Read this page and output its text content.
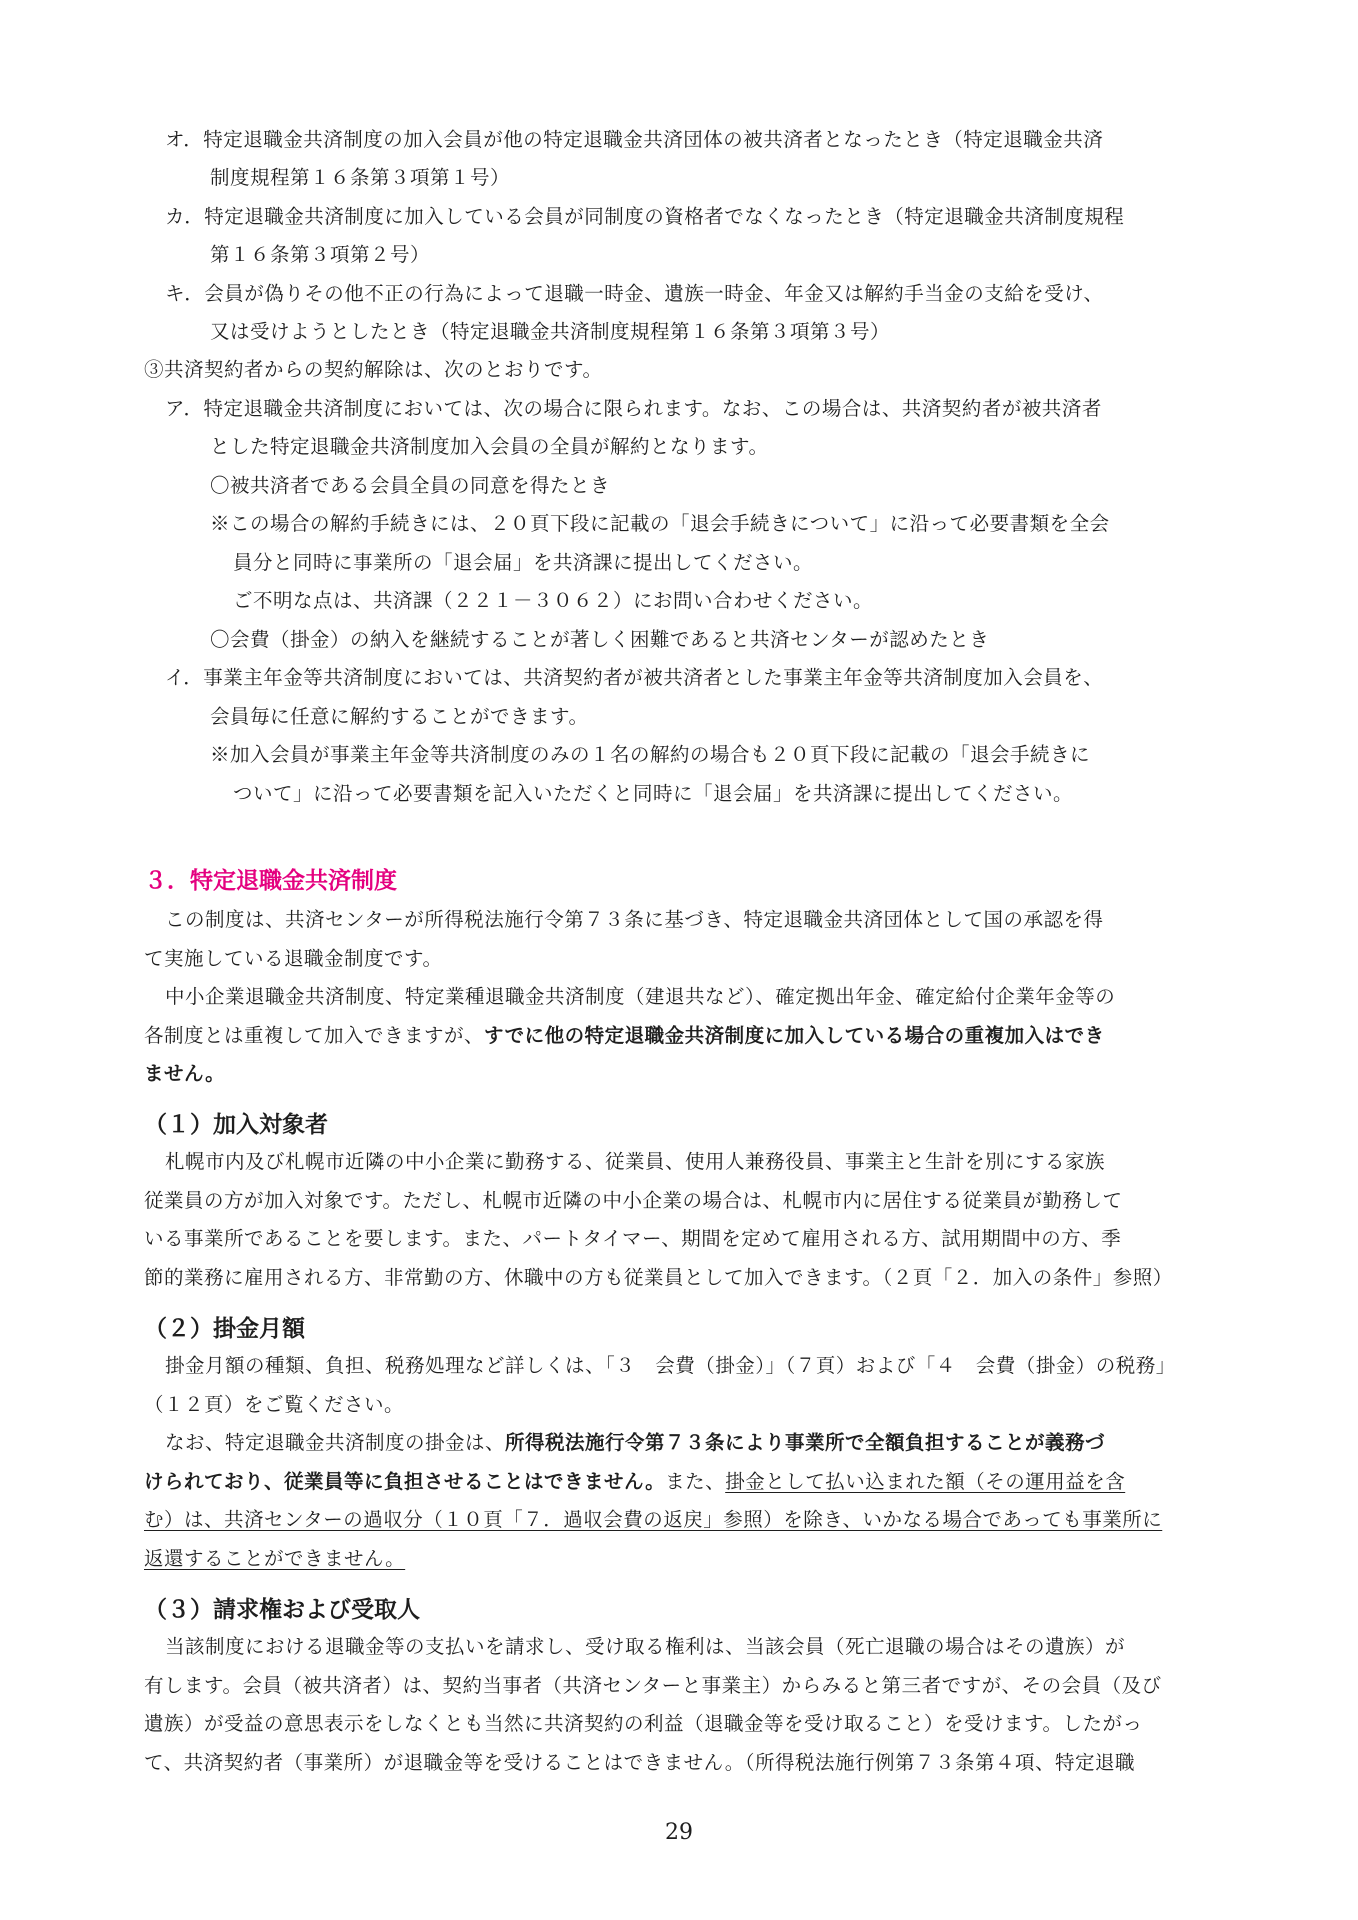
オ．特定退職金共済制度の加入会員が他の特定退職金共済団体の被共済者となったとき（特定退職金共済
制度規程第１６条第３項第１号）
カ．特定退職金共済制度に加入している会員が同制度の資格者でなくなったとき（特定退職金共済制度規程
第１６条第３項第２号）
キ．会員が偽りその他不正の行為によって退職一時金、遺族一時金、年金又は解約手当金の支給を受け、
又は受けようとしたとき（特定退職金共済制度規程第１６条第３項第３号）
③共済契約者からの契約解除は、次のとおりです。
ア．特定退職金共済制度においては、次の場合に限られます。なお、この場合は、共済契約者が被共済者
とした特定退職金共済制度加入会員の全員が解約となります。
〇被共済者である会員全員の同意を得たとき
※この場合の解約手続きには、２０頁下段に記載の「退会手続きについて」に沿って必要書類を全会
員分と同時に事業所の「退会届」を共済課に提出してください。
ご不明な点は、共済課（２２１－３０６２）にお問い合わせください。
〇会費（掛金）の納入を継続することが著しく困難であると共済センターが認めたとき
イ．事業主年金等共済制度においては、共済契約者が被共済者とした事業主年金等共済制度加入会員を、
会員毎に任意に解約することができます。
※加入会員が事業主年金等共済制度のみの１名の解約の場合も２０頁下段に記載の「退会手続きに
ついて」に沿って必要書類を記入いただくと同時に「退会届」を共済課に提出してください。
３．特定退職金共済制度
この制度は、共済センターが所得税法施行令第７３条に基づき、特定退職金共済団体として国の承認を得
て実施している退職金制度です。
中小企業退職金共済制度、特定業種退職金共済制度（建退共など）、確定拠出年金、確定給付企業年金等の
各制度とは重複して加入できますが、すでに他の特定退職金共済制度に加入している場合の重複加入はでき
ません。
（１）加入対象者
札幌市内及び札幌市近隣の中小企業に勤務する、従業員、使用人兼務役員、事業主と生計を別にする家族
従業員の方が加入対象です。ただし、札幌市近隣の中小企業の場合は、札幌市内に居住する従業員が勤務して
いる事業所であることを要します。また、パートタイマー、期間を定めて雇用される方、試用期間中の方、季
節的業務に雇用される方、非常勤の方、休職中の方も従業員として加入できます。（２頁「２．加入の条件」参照）
（２）掛金月額
掛金月額の種類、負担、税務処理など詳しくは、「３　会費（掛金）」（７頁）および「４　会費（掛金）の税務」
（１２頁）をご覧ください。
なお、特定退職金共済制度の掛金は、所得税法施行令第７３条により事業所で全額負担することが義務づ
けられており、従業員等に負担させることはできません。また、掛金として払い込まれた額（その運用益を含
む）は、共済センターの過収分（１０頁「７．過収会費の返戻」参照）を除き、いかなる場合であっても事業所に
返還することができません。
（３）請求権および受取人
当該制度における退職金等の支払いを請求し、受け取る権利は、当該会員（死亡退職の場合はその遺族）が
有します。会員（被共済者）は、契約当事者（共済センターと事業主）からみると第三者ですが、その会員（及び
遺族）が受益の意思表示をしなくとも当然に共済契約の利益（退職金等を受け取ること）を受けます。したがっ
て、共済契約者（事業所）が退職金等を受けることはできません。（所得税法施行例第７３条第４項、特定退職
29
